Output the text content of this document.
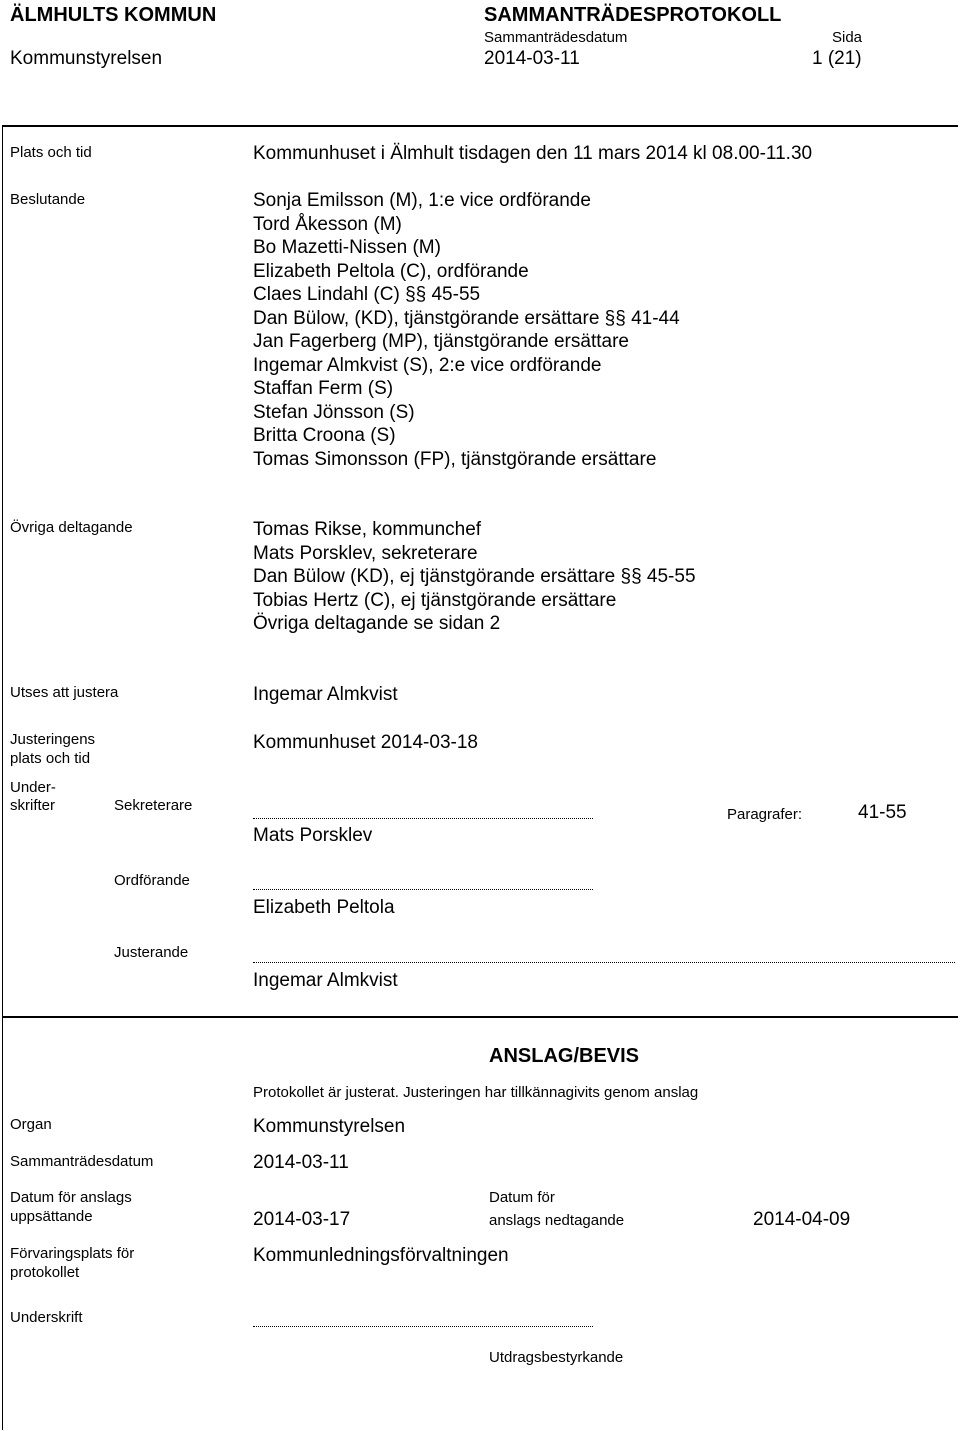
ÄLMHULTS KOMMUN	SAMMANTRÄDESPROTOKOLL
Sammanträdesdatum	Sida
Kommunstyrelsen	2014-03-11	1 (21)
Plats och tid	Kommunhuset i Älmhult tisdagen den 11 mars 2014 kl 08.00-11.30
Beslutande	Sonja Emilsson (M), 1:e vice ordförande
Tord Åkesson (M)
Bo Mazetti-Nissen (M)
Elizabeth Peltola (C), ordförande
Claes Lindahl (C) §§ 45-55
Dan Bülow, (KD), tjänstgörande ersättare §§ 41-44
Jan Fagerberg (MP), tjänstgörande ersättare
Ingemar Almkvist (S), 2:e vice ordförande
Staffan Ferm (S)
Stefan Jönsson (S)
Britta Croona (S)
Tomas Simonsson (FP), tjänstgörande ersättare
Övriga deltagande	Tomas Rikse, kommunchef
Mats Porsklev, sekreterare
Dan Bülow (KD), ej tjänstgörande ersättare §§ 45-55
Tobias Hertz (C), ej tjänstgörande ersättare
Övriga deltagande se sidan 2
Utses att justera	Ingemar Almkvist
Justeringens
plats och tid
Kommunhuset 2014-03-18
Under-
skrifter	Sekreterare
Mats Porsklev
Paragrafer:	41-55
Ordförande
Elizabeth Peltola
Justerande
Ingemar Almkvist
ANSLAG/BEVIS
Protokollet är justerat. Justeringen har tillkännagivits genom anslag
Organ	Kommunstyrelsen
Sammanträdesdatum	2014-03-11
Datum för anslags
uppsättande	2014-03-17
Datum för
anslags nedtagande	2014-04-09
Förvaringsplats för
protokollet
Kommunledningsförvaltningen
Underskrift
Utdragsbestyrkande
